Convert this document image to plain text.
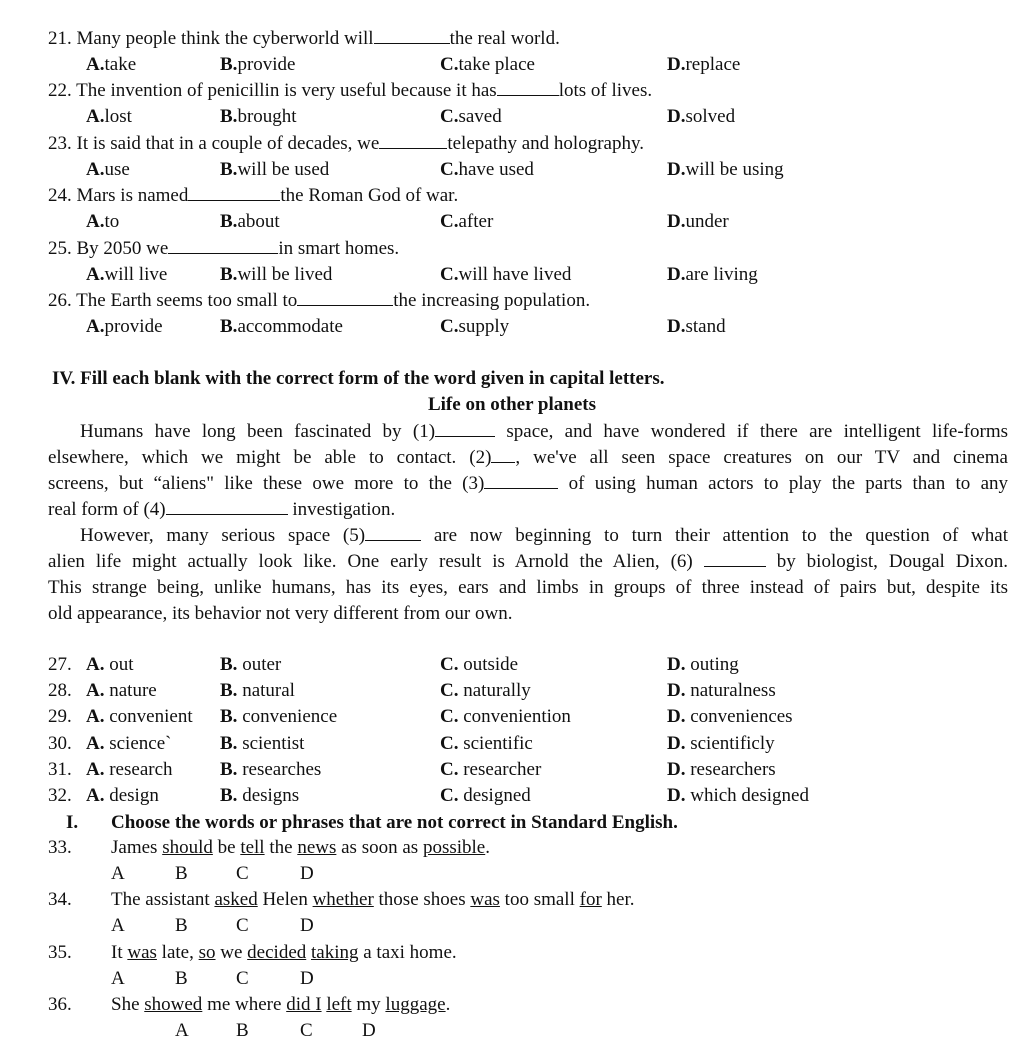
21. Many people think the cyberworld will	the real world.
A.take	B.provide	C.take place	D.replace
22. The invention of penicillin is very useful because it has	lots of lives.
A.lost	B.brought	C.saved	D.solved
23. It is said that in a couple of decades, we	telepathy and holography.
A.use	B.will be used	C.have used	D.will be using
24. Mars is named	the Roman God of war.
A.to	B.about	C.after	D.under
25. By 2050 we	in smart homes.
A.will live	B.will be lived	C.will have lived	D.are living
26. The Earth seems too small to	the increasing population.
A.provide	B.accommodate	C.supply	D.stand
IV. Fill each blank with the correct form of the word given in capital letters.
Life on other planets
Humans have long been fascinated by (1)	space, and have wondered if there are intelligent life-forms
elsewhere, which we might be able to contact. (2) , we've all seen space creatures on our TV and cinema
screens, but “aliens" like these owe more to the (3)	of using human actors to play the parts than to any
real form of (4)	investigation.
However, many serious space (5)	are now beginning to turn their attention to the question of what
alien life might actually look like. One early result is Arnold the Alien, (6)	by biologist, Dougal Dixon.
This strange being, unlike humans, has its eyes, ears and limbs in groups of three instead of pairs but, despite its
old appearance, its behavior not very different from our own.
27. A. out	B. outer	C. outside	D. outing
28. A. nature	B. natural	C. naturally	D. naturalness
29. A. convenient B. convenience	C. conveniention	D. conveniences
30. A. science`	B. scientist	C. scientific	D. scientificly
31. A. research B. researches	C. researcher	D. researchers
32. A. design	B. designs	C. designed	D. which designed
I. Choose the words or phrases that are not correct in Standard English.
33. James should be tell the news as soon as possible.
A	B	C	D
34. The assistant asked Helen whether those shoes was too small for her.
A	B	C	D
35. It was late, so we decided taking a taxi home.
A	B	C	D
36. She showed me where did I left my luggage.
A B	C	D
